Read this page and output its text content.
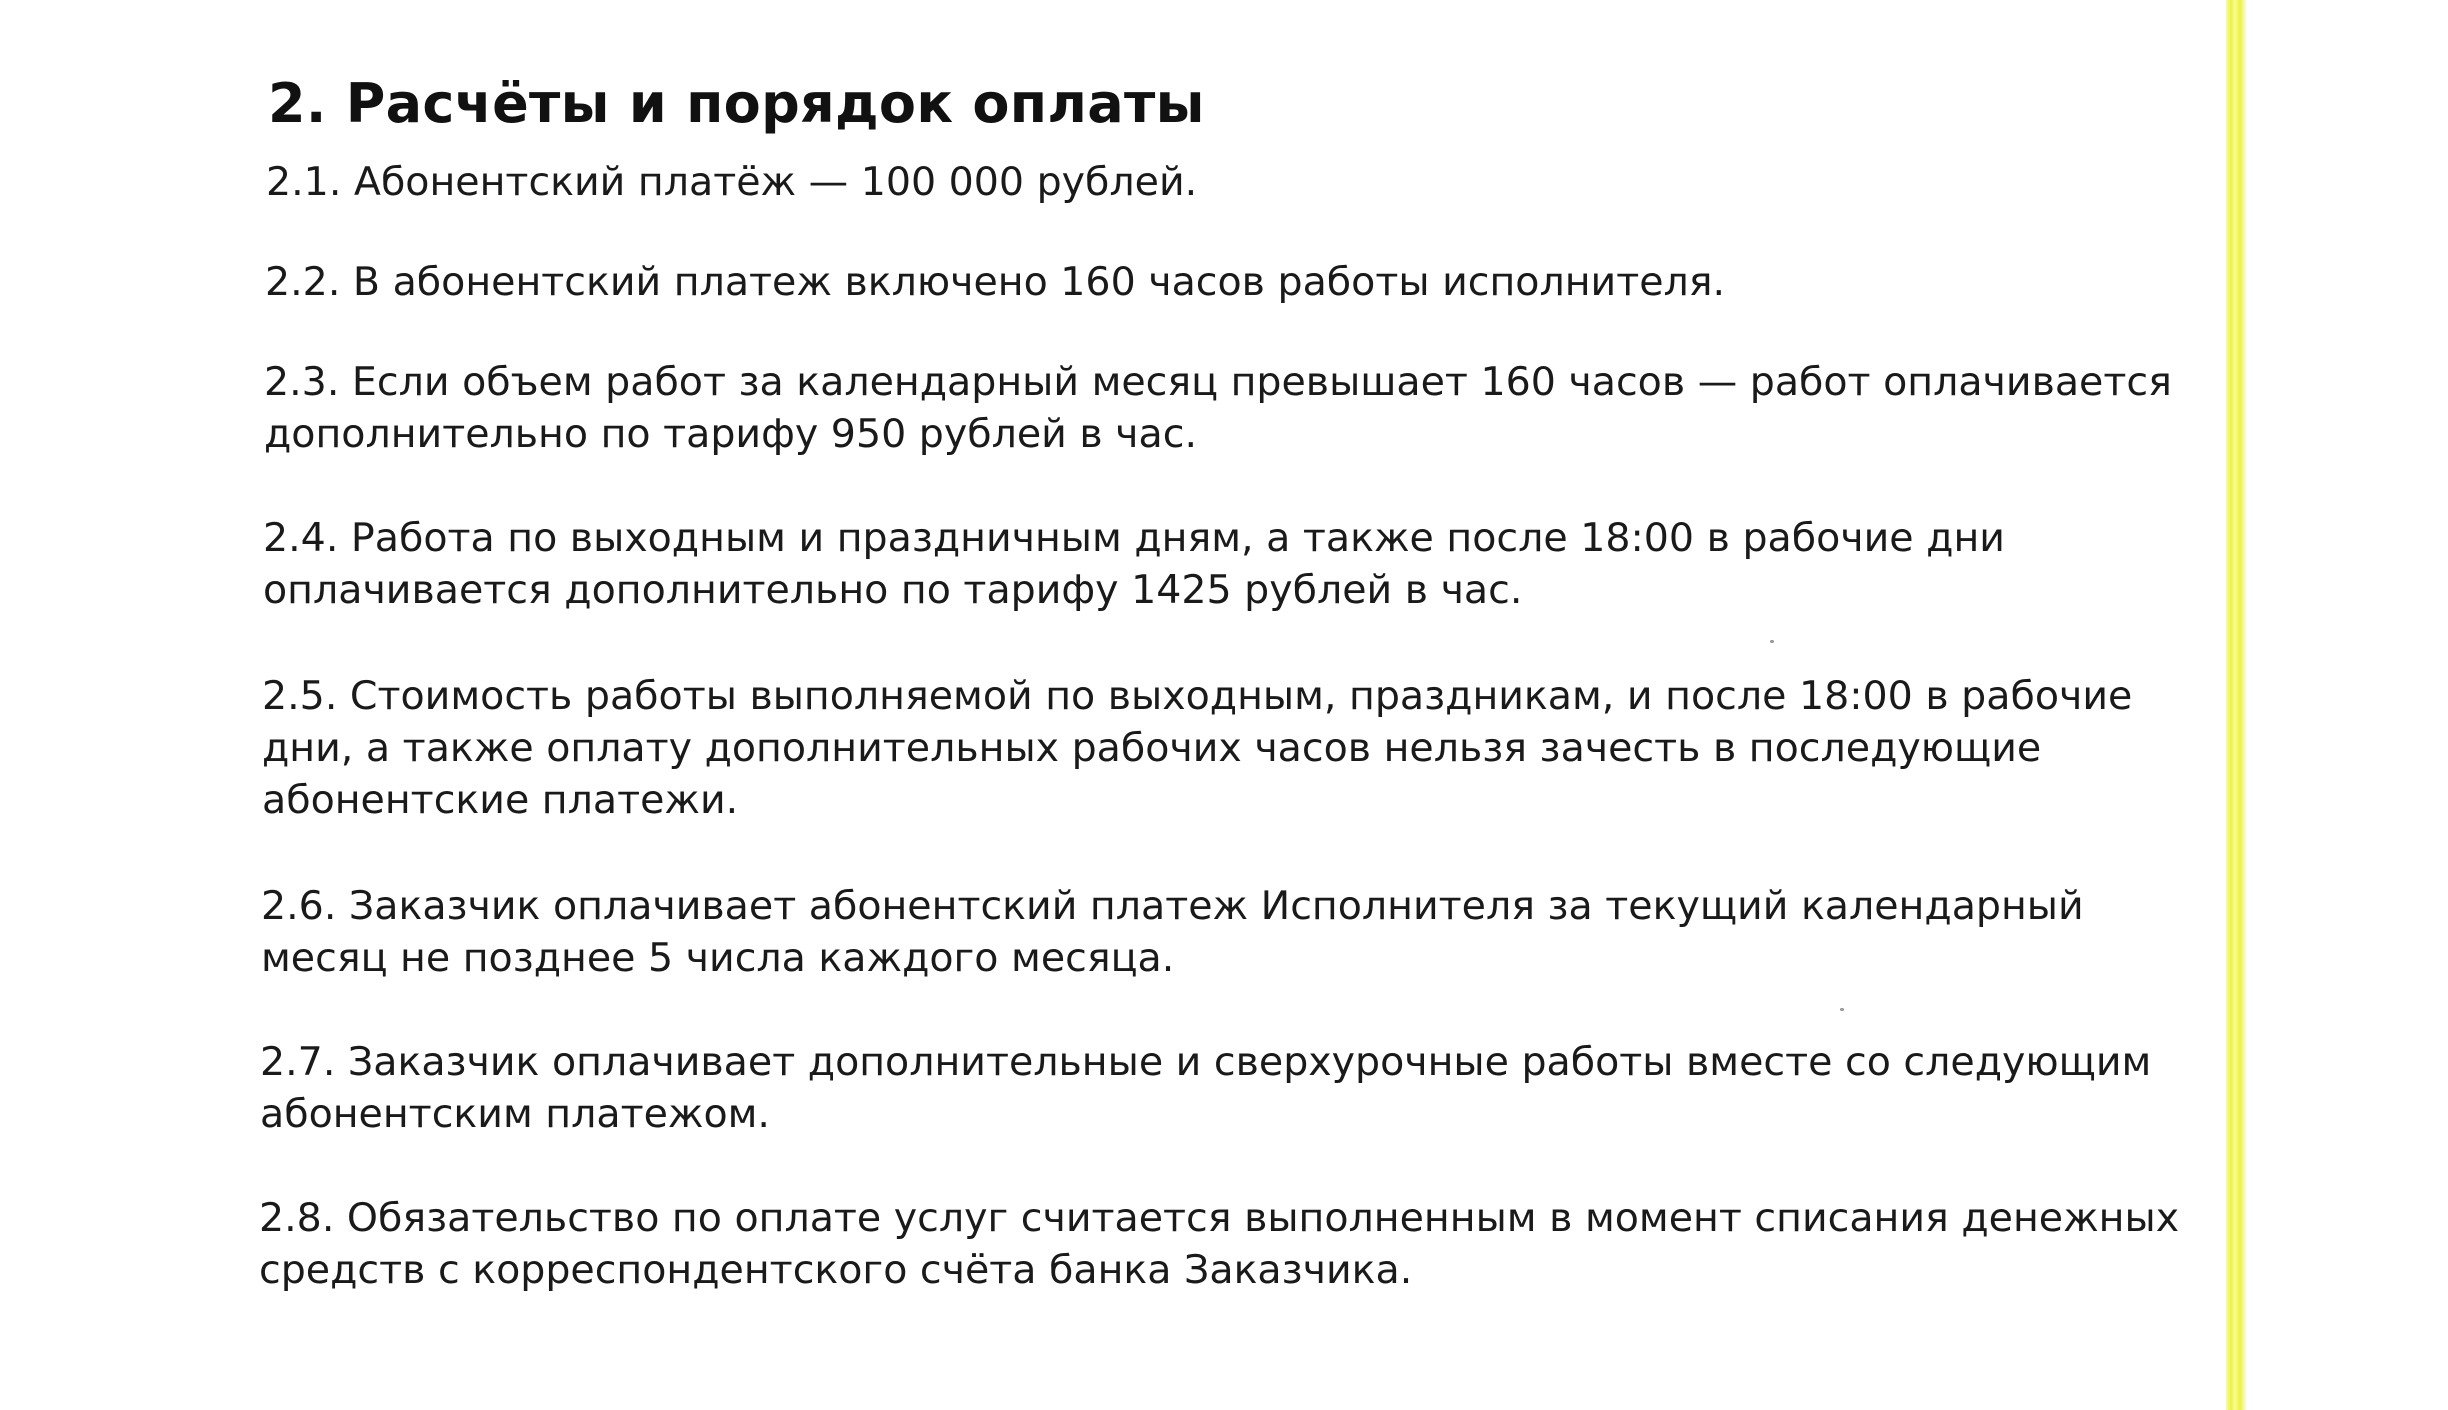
2. Расчёты и порядок оплаты

2.1. Абонентский платёж — 100 000 рублей.

2.2. В абонентский платеж включено 160 часов работы исполнителя.

2.3. Если объем работ за календарный месяц превышает 160 часов — работ оплачивается дополнительно по тарифу 950 рублей в час.

2.4. Работа по выходным и праздничным дням, а также после 18:00 в рабочие дни оплачивается дополнительно по тарифу 1425 рублей в час.

2.5. Стоимость работы выполняемой по выходным, праздникам, и после 18:00 в рабочие дни, а также оплату дополнительных рабочих часов нельзя зачесть в последующие абонентские платежи.

2.6. Заказчик оплачивает абонентский платеж Исполнителя за текущий календарный месяц не позднее 5 числа каждого месяца.

2.7. Заказчик оплачивает дополнительные и сверхурочные работы вместе со следующим абонентским платежом.

2.8. Обязательство по оплате услуг считается выполненным в момент списания денежных средств с корреспондентского счёта банка Заказчика.
